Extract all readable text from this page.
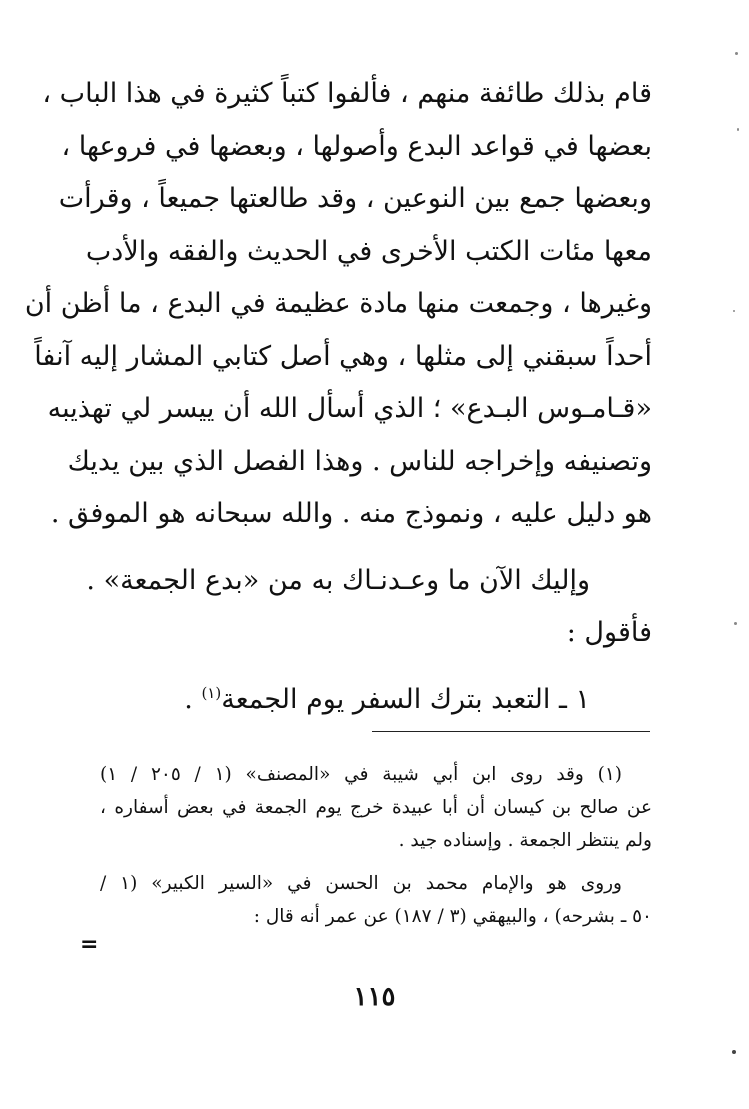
قام بذلك طائفة منهم ، فألفوا كتباً كثيرة في هذا الباب ،
بعضها في قواعد البدع وأصولها ، وبعضها في فروعها ،
وبعضها جمع بين النوعين ، وقد طالعتها جميعاً ، وقرأت
معها مئات الكتب الأخرى في الحديث والفقه والأدب
وغيرها ، وجمعت منها مادة عظيمة في البدع ، ما أظن أن
أحداً سبقني إلى مثلها ، وهي أصل كتابي المشار إليه آنفاً
«قـامـوس البـدع» ؛ الذي أسأل الله أن ييسر لي تهذيبه
وتصنيفه وإخراجه للناس . وهذا الفصل الذي بين يديك
هو دليل عليه ، ونموذج منه . والله سبحانه هو الموفق .
وإليك الآن ما وعـدنـاك به من «بدع الجمعة» .
فأقول :
١ ـ التعبد بترك السفر يوم الجمعة$^{(١)}$ .
(١) وقد روى ابن أبي شيبة في «المصنف» (١ / ٢٠٥ / ١)
عن صالح بن كيسان أن أبا عبيدة خرج يوم الجمعة في بعض أسفاره ،
ولم ينتظر الجمعة . وإسناده جيد .
وروى هو والإمام محمد بن الحسن في «السير الكبير» (١ /
٥٠ ـ بشرحه) ، والبيهقي (٣ / ١٨٧) عن عمر أنه قال :
=
١١٥
